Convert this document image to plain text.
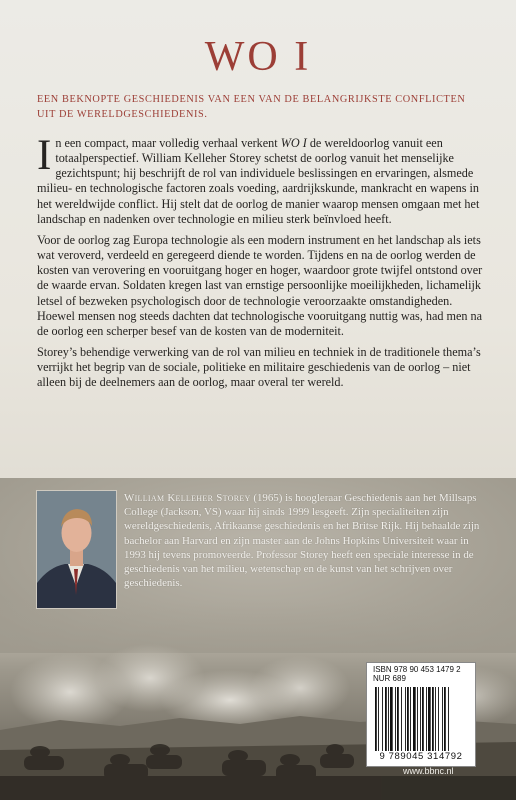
WO I

EEN BEKNOPTE GESCHIEDENIS VAN EEN VAN DE BELANGRIJKSTE CONFLICTEN UIT DE WERELDGESCHIEDENIS.

In een compact, maar volledig verhaal verkent WO I de wereldoorlog vanuit een totaalperspectief. William Kelleher Storey schetst de oorlog vanuit het menselijke gezichtspunt; hij beschrijft de rol van individuele beslissingen en ervaringen, alsmede milieu- en technologische factoren zoals voeding, aardrijkskunde, mankracht en wapens in het wereldwijde conflict. Hij stelt dat de oorlog de manier waarop mensen omgaan met het landschap en nadenken over technologie en milieu sterk beïnvloed heeft.

Voor de oorlog zag Europa technologie als een modern instrument en het landschap als iets wat veroverd, verdeeld en geregeerd diende te worden. Tijdens en na de oorlog werden de kosten van verovering en vooruitgang hoger en hoger, waardoor grote twijfel ontstond over de waarde ervan. Soldaten kregen last van ernstige persoonlijke moeilijkheden, lichamelijk letsel of bezweken psychologisch door de technologie veroorzaakte omstandigheden. Hoewel mensen nog steeds dachten dat technologische vooruitgang nuttig was, had men na de oorlog een scherper besef van de kosten van de moderniteit.

Storey’s behendige verwerking van de rol van milieu en techniek in de traditionele thema’s verrijkt het begrip van de sociale, politieke en militaire geschiedenis van de oorlog – niet alleen bij de deelnemers aan de oorlog, maar overal ter wereld.

William Kelleher Storey (1965) is hoogleraar Geschiedenis aan het Millsaps College (Jackson, VS) waar hij sinds 1999 lesgeeft. Zijn specialiteiten zijn wereldgeschiedenis, Afrikaanse geschiedenis en het Britse Rijk. Hij behaalde zijn bachelor aan Harvard en zijn master aan de Johns Hopkins Universiteit waar in 1993 hij tevens promoveerde. Professor Storey heeft een speciale interesse in de geschiedenis van het milieu, wetenschap en de kunst van het schrijven over geschiedenis.

ISBN 978 90 453 1479 2

NUR 689

9 789045 314792

www.bbnc.nl
